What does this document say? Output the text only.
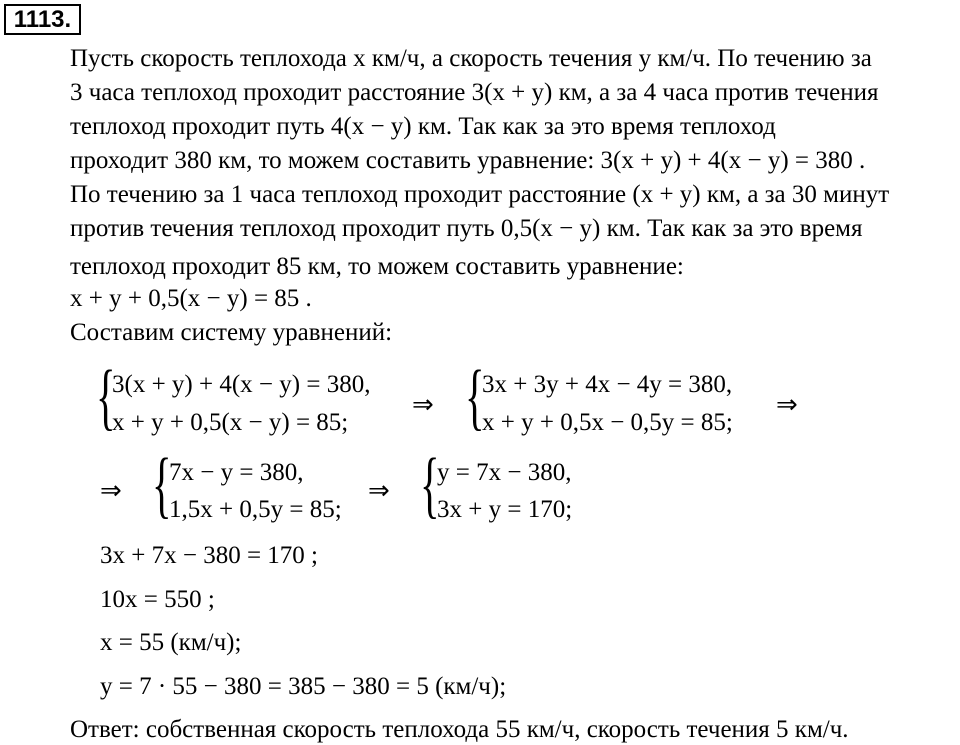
1113.
Пусть скорость теплохода x км/ч, а скорость течения y км/ч. По течению за
3 часа теплоход проходит расстояние 3(x + y) км, а за 4 часа против течения
теплоход проходит путь 4(x − y) км. Так как за это время теплоход
проходит 380 км, то можем составить уравнение: 3(x + y) + 4(x − y) = 380 .
По течению за 1 часа теплоход проходит расстояние (x + y) км, а за 30 минут
против течения теплоход проходит путь 0,5(x − y) км. Так как за это время
теплоход проходит 85 км, то можем составить уравнение:
x + y + 0,5(x − y) = 85 .
Составим систему уравнений:
{
3(x + y) + 4(x − y) = 380,
x + y + 0,5(x − y) = 85;
⇒ {
3x + 3y + 4x − 4y = 380,
x + y + 0,5x − 0,5y = 85;
⇒
⇒ {
7x − y = 380,
1,5x + 0,5y = 85;
⇒ {
y = 7x − 380,
3x + y = 170;
3x + 7x − 380 = 170 ;
10x = 550 ;
x = 55 (км/ч);
y = 7 · 55 − 380 = 385 − 380 = 5 (км/ч);
Ответ: собственная скорость теплохода 55 км/ч, скорость течения 5 км/ч.
